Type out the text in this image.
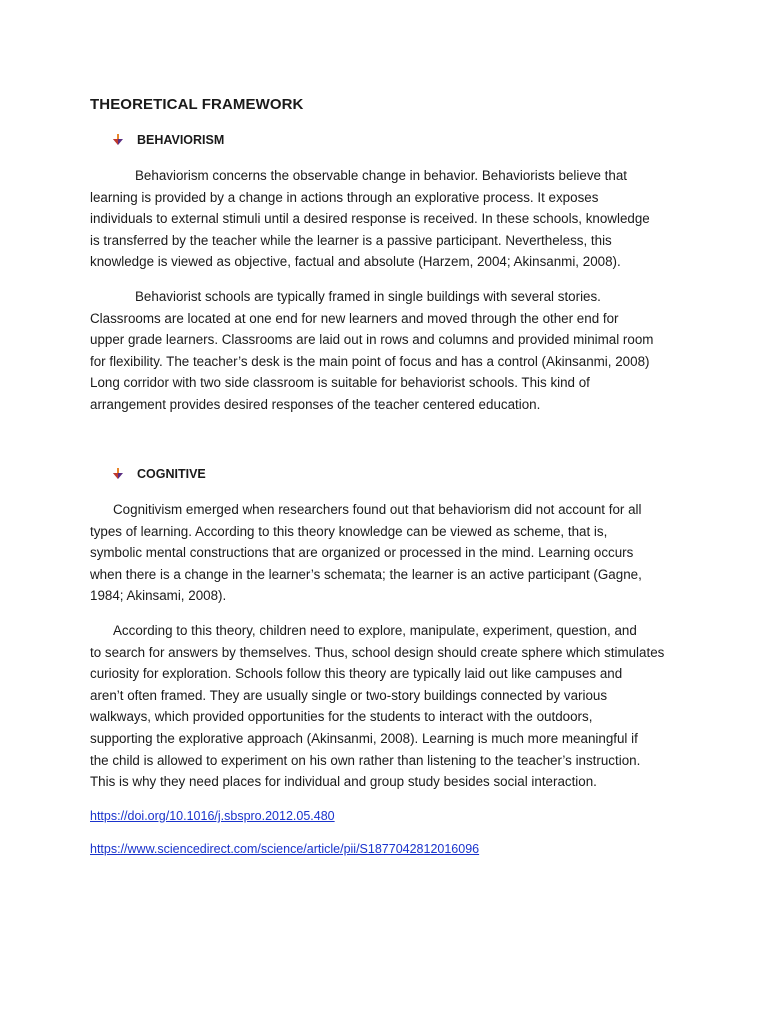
THEORETICAL FRAMEWORK
BEHAVIORISM
Behaviorism concerns the observable change in behavior. Behaviorists believe that
learning is provided by a change in actions through an explorative process. It exposes
individuals to external stimuli until a desired response is received. In these schools, knowledge
is transferred by the teacher while the learner is a passive participant. Nevertheless, this
knowledge is viewed as objective, factual and absolute (Harzem, 2004; Akinsanmi, 2008).
Behaviorist schools are typically framed in single buildings with several stories.
Classrooms are located at one end for new learners and moved through the other end for
upper grade learners. Classrooms are laid out in rows and columns and provided minimal room
for flexibility. The teacher’s desk is the main point of focus and has a control (Akinsanmi, 2008)
Long corridor with two side classroom is suitable for behaviorist schools. This kind of
arrangement provides desired responses of the teacher centered education.
COGNITIVE
Cognitivism emerged when researchers found out that behaviorism did not account for all
types of learning. According to this theory knowledge can be viewed as scheme, that is,
symbolic mental constructions that are organized or processed in the mind. Learning occurs
when there is a change in the learner’s schemata; the learner is an active participant (Gagne,
1984; Akinsami, 2008).
According to this theory, children need to explore, manipulate, experiment, question, and
to search for answers by themselves. Thus, school design should create sphere which stimulates
curiosity for exploration. Schools follow this theory are typically laid out like campuses and
aren’t often framed. They are usually single or two-story buildings connected by various
walkways, which provided opportunities for the students to interact with the outdoors,
supporting the explorative approach (Akinsanmi, 2008). Learning is much more meaningful if
the child is allowed to experiment on his own rather than listening to the teacher’s instruction.
This is why they need places for individual and group study besides social interaction.
https://doi.org/10.1016/j.sbspro.2012.05.480
https://www.sciencedirect.com/science/article/pii/S1877042812016096
